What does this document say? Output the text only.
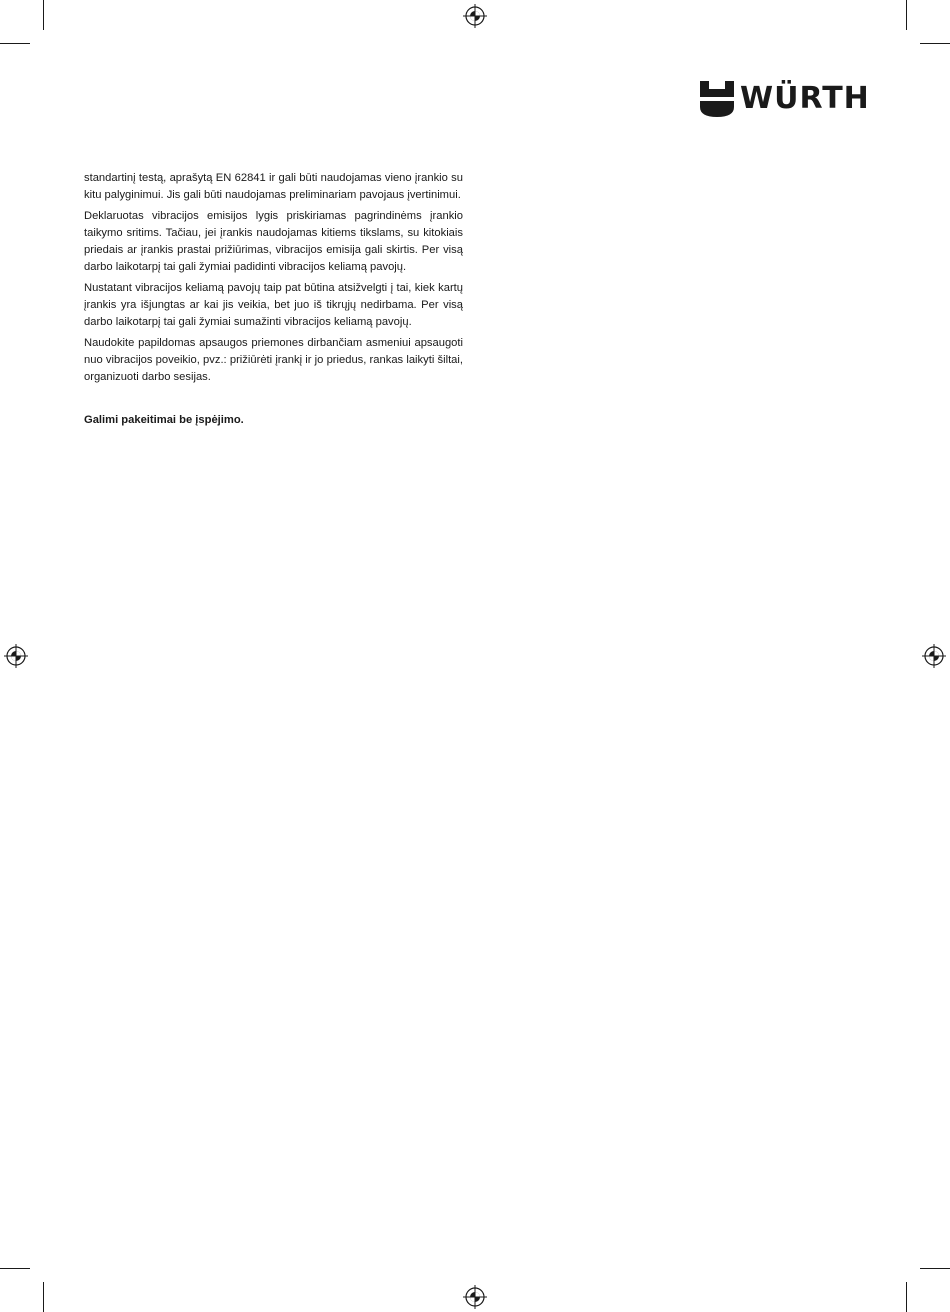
WÜRTH

standartinį testą, aprašytą EN 62841 ir gali būti naudojamas vieno įrankio su kitu palyginimui. Jis gali būti naudojamas preliminariam pavojaus įvertinimui.

Deklaruotas vibracijos emisijos lygis priskiriamas pagrindinėms įrankio taikymo sritims. Tačiau, jei įrankis naudojamas kitiems tikslams, su kitokiais priedais ar įrankis prastai prižiūrimas, vibracijos emisija gali skirtis. Per visą darbo laikotarpį tai gali žymiai padidinti vibracijos keliamą pavojų.

Nustatant vibracijos keliamą pavojų taip pat būtina atsižvelgti į tai, kiek kartų įrankis yra išjungtas ar kai jis veikia, bet juo iš tikrųjų nedirbama. Per visą darbo laikotarpį tai gali žymiai sumažinti vibracijos keliamą pavojų.

Naudokite papildomas apsaugos priemones dirbančiam asmeniui apsaugoti nuo vibracijos poveikio, pvz.: prižiūrėti įrankį ir jo priedus, rankas laikyti šiltai, organizuoti darbo sesijas.

Galimi pakeitimai be įspėjimo.
